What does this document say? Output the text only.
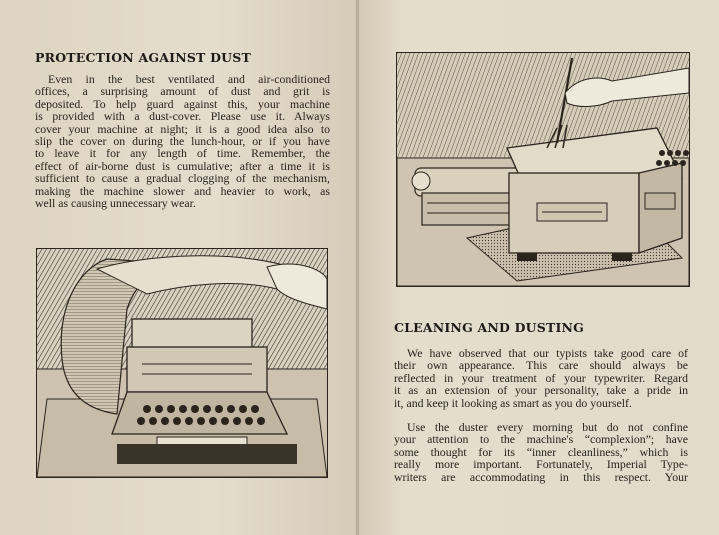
PROTECTION AGAINST DUST
Even in the best ventilated and air-conditioned
offices, a surprising amount of dust and grit is
deposited. To help guard against this, your machine
is provided with a dust-cover. Please use it. Always
cover your machine at night; it is a good idea also to
slip the cover on during the lunch-hour, or if you have
to leave it for any length of time. Remember, the
effect of air-borne dust is cumulative; after a time it is
sufficient to cause a gradual clogging of the mechanism,
making the machine slower and heavier to work, as
well as causing unnecessary wear.
CLEANING AND DUSTING
We have observed that our typists take good care of
their own appearance. This care should always be
reflected in your treatment of your typewriter. Regard
it as an extension of your personality, take a pride in
it, and keep it looking as smart as you do yourself.
Use the duster every morning but do not confine
your attention to the machine's “complexion”; have
some thought for its “inner cleanliness,” which is
really more important. Fortunately, Imperial Type-
writers are accommodating in this respect. Your
